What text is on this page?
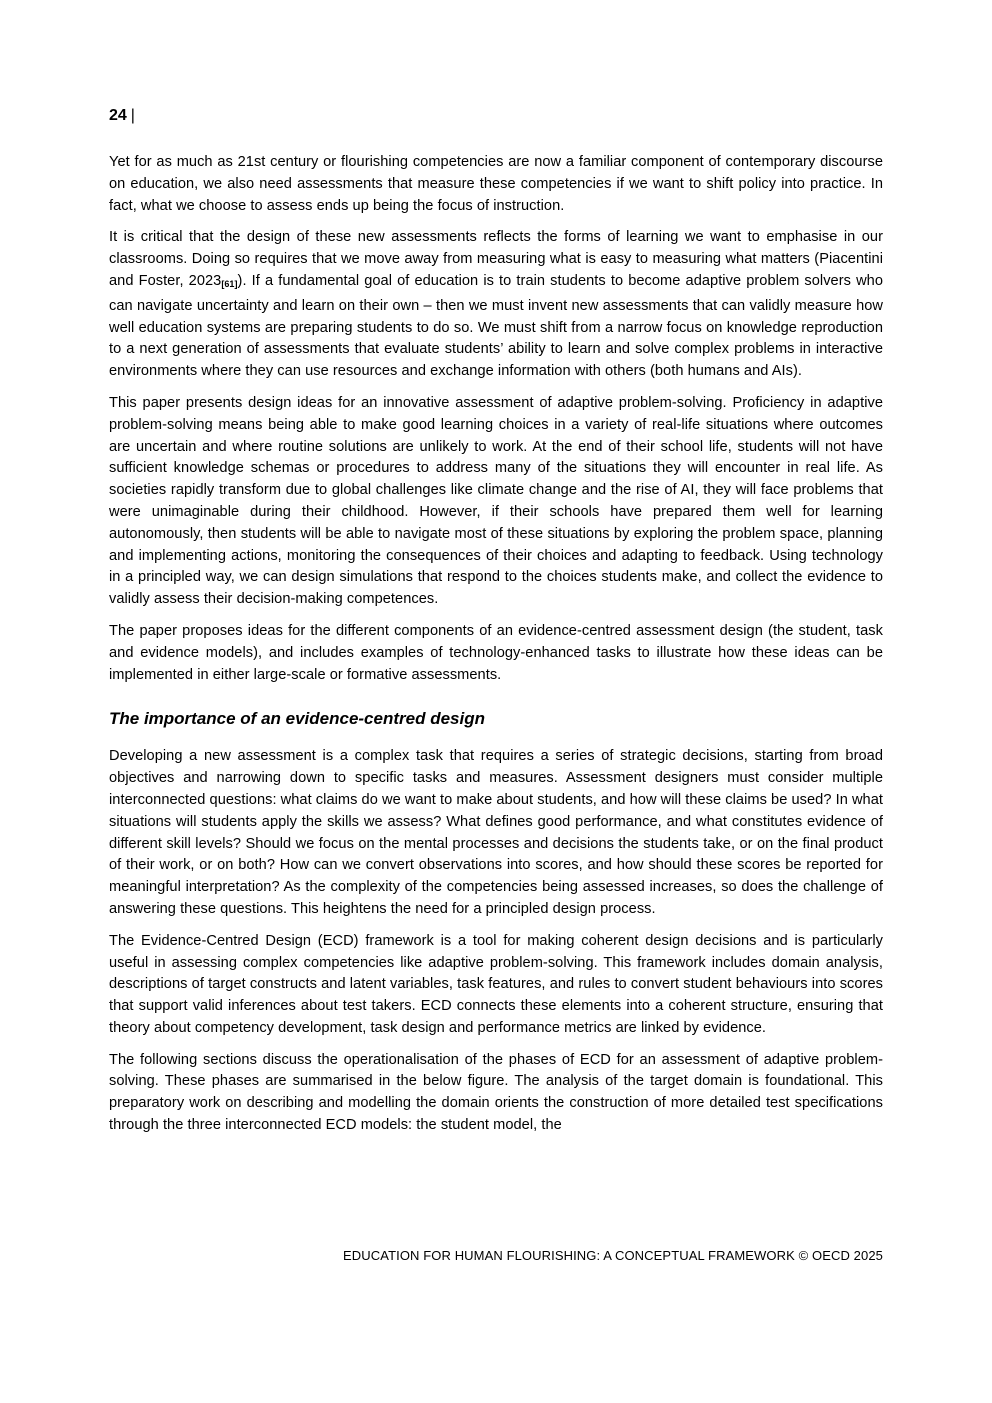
24 |

Yet for as much as 21st century or flourishing competencies are now a familiar component of contemporary discourse on education, we also need assessments that measure these competencies if we want to shift policy into practice. In fact, what we choose to assess ends up being the focus of instruction.

It is critical that the design of these new assessments reflects the forms of learning we want to emphasise in our classrooms. Doing so requires that we move away from measuring what is easy to measuring what matters (Piacentini and Foster, 2023[61]). If a fundamental goal of education is to train students to become adaptive problem solvers who can navigate uncertainty and learn on their own – then we must invent new assessments that can validly measure how well education systems are preparing students to do so. We must shift from a narrow focus on knowledge reproduction to a next generation of assessments that evaluate students’ ability to learn and solve complex problems in interactive environments where they can use resources and exchange information with others (both humans and AIs).

This paper presents design ideas for an innovative assessment of adaptive problem-solving. Proficiency in adaptive problem-solving means being able to make good learning choices in a variety of real-life situations where outcomes are uncertain and where routine solutions are unlikely to work. At the end of their school life, students will not have sufficient knowledge schemas or procedures to address many of the situations they will encounter in real life. As societies rapidly transform due to global challenges like climate change and the rise of AI, they will face problems that were unimaginable during their childhood. However, if their schools have prepared them well for learning autonomously, then students will be able to navigate most of these situations by exploring the problem space, planning and implementing actions, monitoring the consequences of their choices and adapting to feedback. Using technology in a principled way, we can design simulations that respond to the choices students make, and collect the evidence to validly assess their decision-making competences.

The paper proposes ideas for the different components of an evidence-centred assessment design (the student, task and evidence models), and includes examples of technology-enhanced tasks to illustrate how these ideas can be implemented in either large-scale or formative assessments.

The importance of an evidence-centred design

Developing a new assessment is a complex task that requires a series of strategic decisions, starting from broad objectives and narrowing down to specific tasks and measures. Assessment designers must consider multiple interconnected questions: what claims do we want to make about students, and how will these claims be used? In what situations will students apply the skills we assess? What defines good performance, and what constitutes evidence of different skill levels? Should we focus on the mental processes and decisions the students take, or on the final product of their work, or on both? How can we convert observations into scores, and how should these scores be reported for meaningful interpretation? As the complexity of the competencies being assessed increases, so does the challenge of answering these questions. This heightens the need for a principled design process.

The Evidence-Centred Design (ECD) framework is a tool for making coherent design decisions and is particularly useful in assessing complex competencies like adaptive problem-solving. This framework includes domain analysis, descriptions of target constructs and latent variables, task features, and rules to convert student behaviours into scores that support valid inferences about test takers. ECD connects these elements into a coherent structure, ensuring that theory about competency development, task design and performance metrics are linked by evidence.

The following sections discuss the operationalisation of the phases of ECD for an assessment of adaptive problem-solving. These phases are summarised in the below figure. The analysis of the target domain is foundational. This preparatory work on describing and modelling the domain orients the construction of more detailed test specifications through the three interconnected ECD models: the student model, the

EDUCATION FOR HUMAN FLOURISHING: A CONCEPTUAL FRAMEWORK © OECD 2025
